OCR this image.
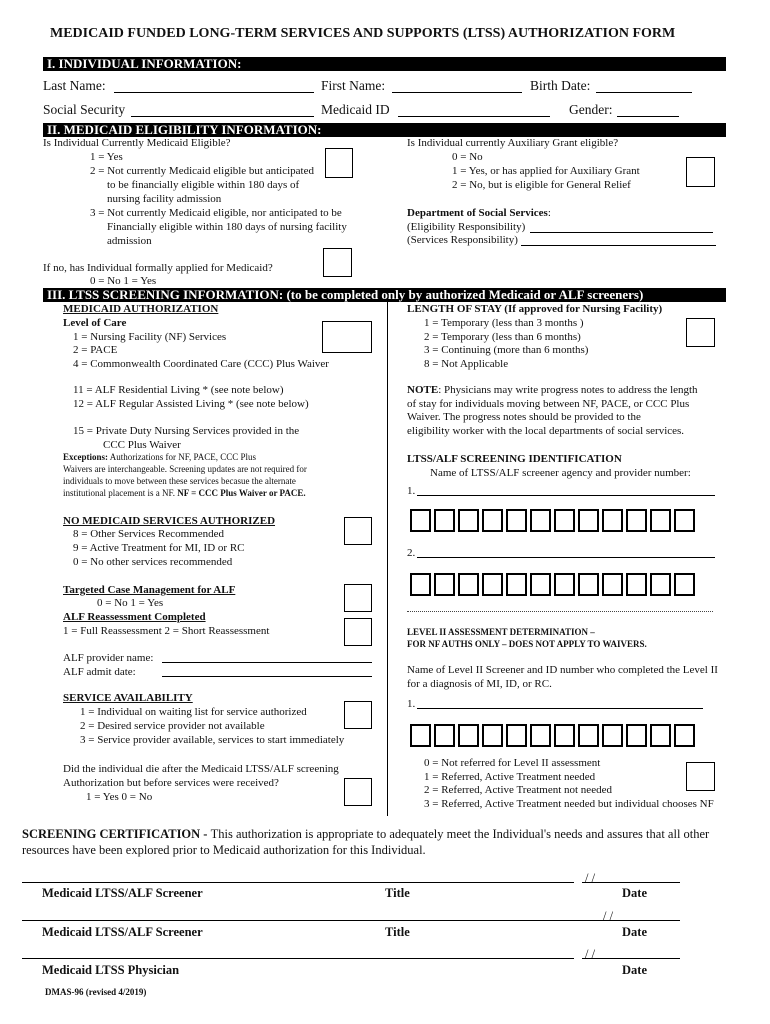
MEDICAID FUNDED LONG-TERM SERVICES AND SUPPORTS (LTSS) AUTHORIZATION FORM
I. INDIVIDUAL INFORMATION:
Last Name:	First Name:	Birth Date:
Social Security	Medicaid ID	Gender:
II. MEDICAID ELIGIBILITY INFORMATION:
Is Individual Currently Medicaid Eligible?
1 = Yes
2 = Not currently Medicaid eligible but anticipated
to be financially eligible within 180 days of
nursing facility admission
3 = Not currently Medicaid eligible, nor anticipated to be
Financially eligible within 180 days of nursing facility
admission
If no, has Individual formally applied for Medicaid?
0 = No 1 = Yes
Is Individual currently Auxiliary Grant eligible?
0 = No
1 = Yes, or has applied for Auxiliary Grant
2 = No, but is eligible for General Relief
Department of Social Services:
(Eligibility Responsibility)
(Services Responsibility)
III. LTSS SCREENING INFORMATION: (to be completed only by authorized Medicaid or ALF screeners)
MEDICAID AUTHORIZATION
Level of Care
1 = Nursing Facility (NF) Services
2 = PACE
4 = Commonwealth Coordinated Care (CCC) Plus Waiver
11 = ALF Residential Living * (see note below)
12 = ALF Regular Assisted Living * (see note below)
15 = Private Duty Nursing Services provided in the
CCC Plus Waiver
Exceptions: Authorizations for NF, PACE, CCC Plus
Waivers are interchangeable. Screening updates are not required for
individuals to move between these services becasue the alternate
institutional placement is a NF. NF = CCC Plus Waiver or PACE.
NO MEDICAID SERVICES AUTHORIZED
8 = Other Services Recommended
9 = Active Treatment for MI, ID or RC
0 = No other services recommended
Targeted Case Management for ALF
0 = No 1 = Yes
ALF Reassessment Completed
1 = Full Reassessment 2 = Short Reassessment
ALF provider name:
ALF admit date:
SERVICE AVAILABILITY
1 = Individual on waiting list for service authorized
2 = Desired service provider not available
3 = Service provider available, services to start immediately
Did the individual die after the Medicaid LTSS/ALF screening
Authorization but before services were received?
1 = Yes 0 = No
LENGTH OF STAY (If approved for Nursing Facility)
1 = Temporary (less than 3 months )
2 = Temporary (less than 6 months)
3 = Continuing (more than 6 months)
8 = Not Applicable
NOTE: Physicians may write progress notes to address the length
of stay for individuals moving between NF, PACE, or CCC Plus
Waiver. The progress notes should be provided to the
eligibility worker with the local departments of social services.
LTSS/ALF SCREENING IDENTIFICATION
Name of LTSS/ALF screener agency and provider number:
1.
2.
LEVEL II ASSESSMENT DETERMINATION –
FOR NF AUTHS ONLY – DOES NOT APPLY TO WAIVERS.
Name of Level II Screener and ID number who completed the Level II
for a diagnosis of MI, ID, or RC.
1.
0 = Not referred for Level II assessment
1 = Referred, Active Treatment needed
2 = Referred, Active Treatment not needed
3 = Referred, Active Treatment needed but individual chooses NF
SCREENING CERTIFICATION - This authorization is appropriate to adequately meet the Individual's needs and assures that all other
resources have been explored prior to Medicaid authorization for this Individual.
/ /
Medicaid LTSS/ALF Screener	Title	Date
/ /
Medicaid LTSS/ALF Screener	Title	Date
/ /
Medicaid LTSS Physician	Date
DMAS-96 (revised 4/2019)
